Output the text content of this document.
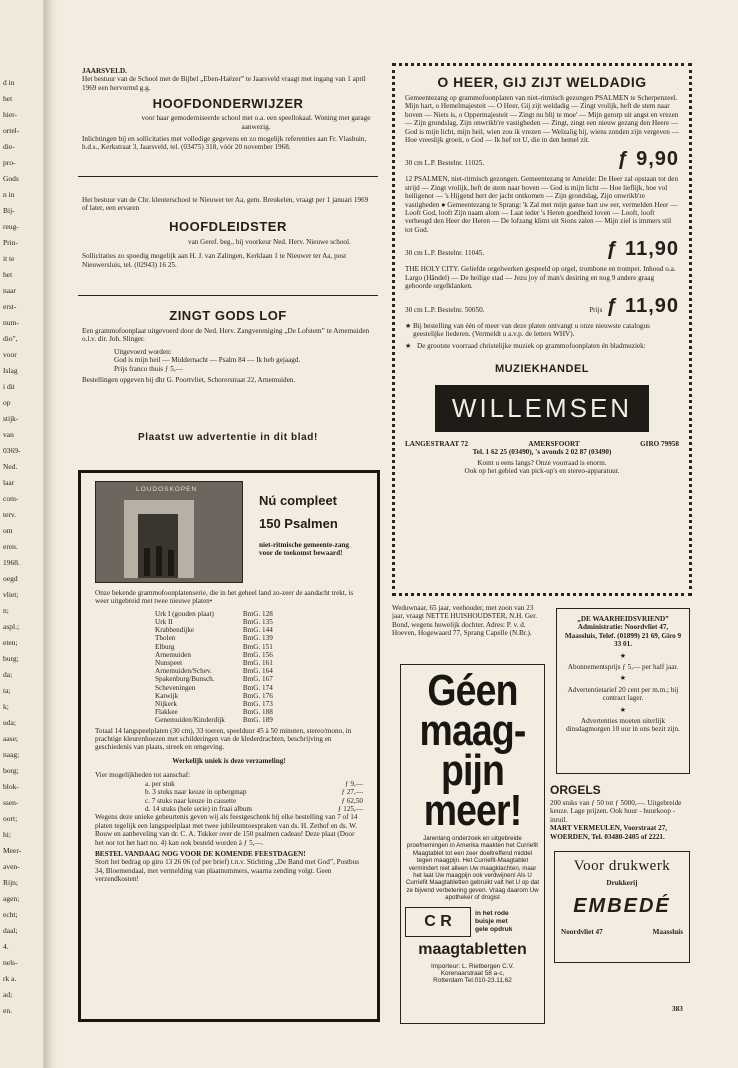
d in
het
hier-
ortel-
die-
pro-
Gods
n in
Bij-
reug-
Prin-
it te
het
naar
erst-
num-
dio",
voor
Islag
i dit
op
stijk-
van
0369-
Ned.
laar
com-
terv.
om
eren.
1968.
oegd
vliet;
n;
aspl.;
eten;
burg;
da;
ta;
k;
uda;
aase;
naag;
borg;
blok-
ssen-
oort;
hi;
Meer-
aven-
Rijn;
agen;
echt;
daal;
4.
nels-
rk a.
ad;
en.
JAARSVELD.
Het bestuur van de School met de Bijbel „Eben-Haëzer” te Jaarsveld vraagt met ingang van 1 april 1969 een hervormd g.g.
HOOFDONDERWIJZER
voor haar gemoderniseerde school met o.a. een speellokaal. Woning met garage aanwezig.
Inlichtingen bij en sollicitaties met volledige gegevens en zo mogelijk referenties aan Fr. Vlasbuin, h.d.s., Kerkstraat 3, Jaarsveld, tel. (03475) 318, vóór 20 november 1968.
Het bestuur van de Chr. kleuterschool te Nieuwer ter Aa, gem. Breukelen, vraagt per 1 januari 1969 of later, een ervaren
HOOFDLEIDSTER
van Geref. beg., bij voorkeur Ned. Herv. Nieuwe school.
Sollicitaties zo spoedig mogelijk aan H. J. van Zalingen, Kerklaan 1 te Nieuwer ter Aa, post Nieuwersluis, tel. (02943) 16 25.
ZINGT GODS LOF
Een grammofoonplaat uitgevoerd door de Ned. Herv. Zangvereniging „De Lofstem” te Arnemuiden o.l.v. dir. Joh. Slinger.
Uitgevoerd worden:
God is mijn heil — Middernacht — Psalm 84 — Ik heb gejaagd.
Prijs franco thuis ƒ 5,—
Bestellingen opgeven bij dhr G. Poortvliet, Schorerstraat 22, Arnemuiden.
Plaatst uw advertentie in dit blad!
LOUDOSKOPEN
Nú compleet
150 Psalmen
niet-ritmische gemeente-zang voor de toekomst bewaard!
Onze bekende grammofoonplatenserie, die in het geheel land zo-zeer de aandacht trekt, is weer uitgebreid met twee nieuwe platen•
Urk I (gouden plaat)	BmG. 128
Urk II	BmG. 135
Krabbendijke	BmG. 144
Tholen	BmG. 139
Elburg	BmG. 151
Arnemuiden	BmG. 156
Nunspeet	BmG. 161
Arnemuiden/Schev.	BmG. 164
Spakenburg/Bunsch.	BmG. 167
Scheveningen	BmG. 174
Katwijk	BmG. 176
Nijkerk	BmG. 173
Flakkee	BmG. 188
Genemuiden/Kinderdijk	BmG. 189
Totaal 14 langspeelplaten (30 cm), 33 toeren, speelduur 45 à 50 minuten, stereo/mono, in prachtige kleurenhoezen met schilderingen van de klederdrachten, beschrijving en geschiedenis van plaats, streek en omgeving.
Werkelijk uniek is deze verzameling!
Vier mogelijkheden tot aanschaf:
a. per stuk	ƒ 9,—
b. 3 stuks naar keuze in opbergmap	ƒ 27,—
c. 7 stuks naar keuze in cassette	ƒ 62,50
d. 14 stuks (hele serie) in fraai album	ƒ 125,—
Wegens deze unieke gebeurtenis geven wij als feestgeschenk bij elke bestelling van 7 of 14 platen tegelijk een langspeelplaat met twee jubileumtoespraken van ds. H. Zethof en ds. W. Bouw en aanbeveling van dr. C. A. Tukker over de 150 psalmen cadeau! Deze plaat (Door het oor tot het hart no. 4) kan ook besteld worden à ƒ 5,—.
BESTEL VANDAAG NOG VOOR DE KOMENDE FEESTDAGEN!
Stort het bedrag op giro 13 26 06 (of per brief) t.n.v. Stichting „De Band met God”, Postbus 34, Bloemendaal, met vermelding van plaatnummers, waarna zending volgt. Geen verzendkosten!
O HEER, GIJ ZIJT WELDADIG
Gemeentezang op grammofoonplaten van niet-ritmisch gezongen PSALMEN te Scherpenzeel.
Mijn hart, o Hemelmajesteit — O Heer, Gij zijt weldadig — Zingt vrolijk, heft de stem naar boven — Niets is, o Oppermajesteit — Zingt nu blij te moe' — Mijn gerorp uit angst en vrezen — Zijn grondslag, Zijn onwrikb're vastigheden — Zingt, zingt een nieuw gezang den Heere — God is mijn licht, mijn heil, wien zou ik vrezen — Welzalig hij, wiens zonden zijn vergeven — Hoe vreeslijk groeit, o God — Ik hef tot U, die in den hemel zit.
30 cm L.P. Bestelnr. 11025.	ƒ 9,90
12 PSALMEN, niet-ritmisch gezongen. Gemeentezang te Ameide: De Heer zal opstaan tot den strijd — Zingt vrolijk, heft de stem naar boven — God is mijn licht — Hoe lieflijk, hoe vol heiligenot — 's Hijgend hert der jacht ontkomen — Zijn grondslag, Zijn onwrikb're vastigheden ● Gemeentezang te Sprang: 'k Zal met mijn ganse hart uw eer, vermelden Heer — Looft God, looft Zijn naam alom — Laat ieder 's Heren goedheid loven — Looft, looft verheugd den Heer der Heren — De lofzang klimt uit Sions zalen — Mijn ziel is immers stil tot God.
30 cm L.P. Bestelnr. 11045.	ƒ 11,90
THE HOLY CITY. Geliefde orgelwerken gespeeld op orgel, trombone en trompet. Inhoud o.a. Largo (Händel) — De heilige stad — Jezu joy of man's desiring en nog 9 andere graag gehoorde orgelklanken.
30 cm L.P. Bestelnr. 50050.	Prijs ƒ 11,90
★ Bij bestelling van één of meer van deze platen ontvangt u onze nieuwste catalogus geestelijke liederen. (Vermeldt u a.v.p. de letters WHV).
★ De grootste voorraad christelijke muziek op grammofoonplaten én bladmuziek:
MUZIEKHANDEL
WILLEMSEN
LANGESTRAAT 72	AMERSFOORT	GIRO 79958
Tel. 1 62 25 (03490), 's avonds 2 02 87 (03490)
Komt u eens langs? Onze voorraad is enorm.
Ook op het gebied van pick-up's en stereo-apparatuur.
Weduwnaar, 65 jaar, veehouder, met zoon van 23 jaar, vraagt NETTE HUISHOUDSTER, N.H. Ger. Bond, wegens huwelijk dochter. Adres: P. v. d. Hoeven, Hogewaard 77, Sprang Capelle (N.Br.).
Géen
maag-
pijn
meer!
Jarenlang onderzoek en uitgebreide proefnemingen in Amerika maakten het Curriefit Maagtablet tot een zeer doeltreffend middel tegen maagpijn. Het Curriefit-Maagtablet vermindert niet alleen Uw maagklachten, maar het laat Uw maagpijn ook verdwijnen! Als U Curriefit Maagtabletten gebruikt valt het U op dat ze bijvend verbetering geven. Vraag daarom Uw apotheker of drogist
C R	in het rode
buisje met
gele opdruk
maagtabletten
Importeur: L. Rietbergen C.V.
Korenaarstraat 58 a-c,
Rotterdam Tel.010-23.11,62
„DE WAARHEIDSVRIEND”
Administratie: Noordvliet 47, Maassluis, Telef. (01899) 21 69, Giro 9 33 01.
★
Abonnementsprijs ƒ 5,— per half jaar.
★
Advertentietarief 20 cent per m.m.; bij contract lager.
★
Advertenties moeten uiterlijk dinsdagmorgen 10 uur in ons bezit zijn.
ORGELS
200 stuks van ƒ 50 tot ƒ 5000,—. Uitgebreide keuze. Lage prijzen. Ook huur - huurkoop - inruil.
MART VERMEULEN, Voorstraat 27, WOERDEN, Tel. 03480-2405 of 2221.
Voor drukwerk
Drukkerij
EMBEDÉ
Noordvliet 47	Maassluis
383
